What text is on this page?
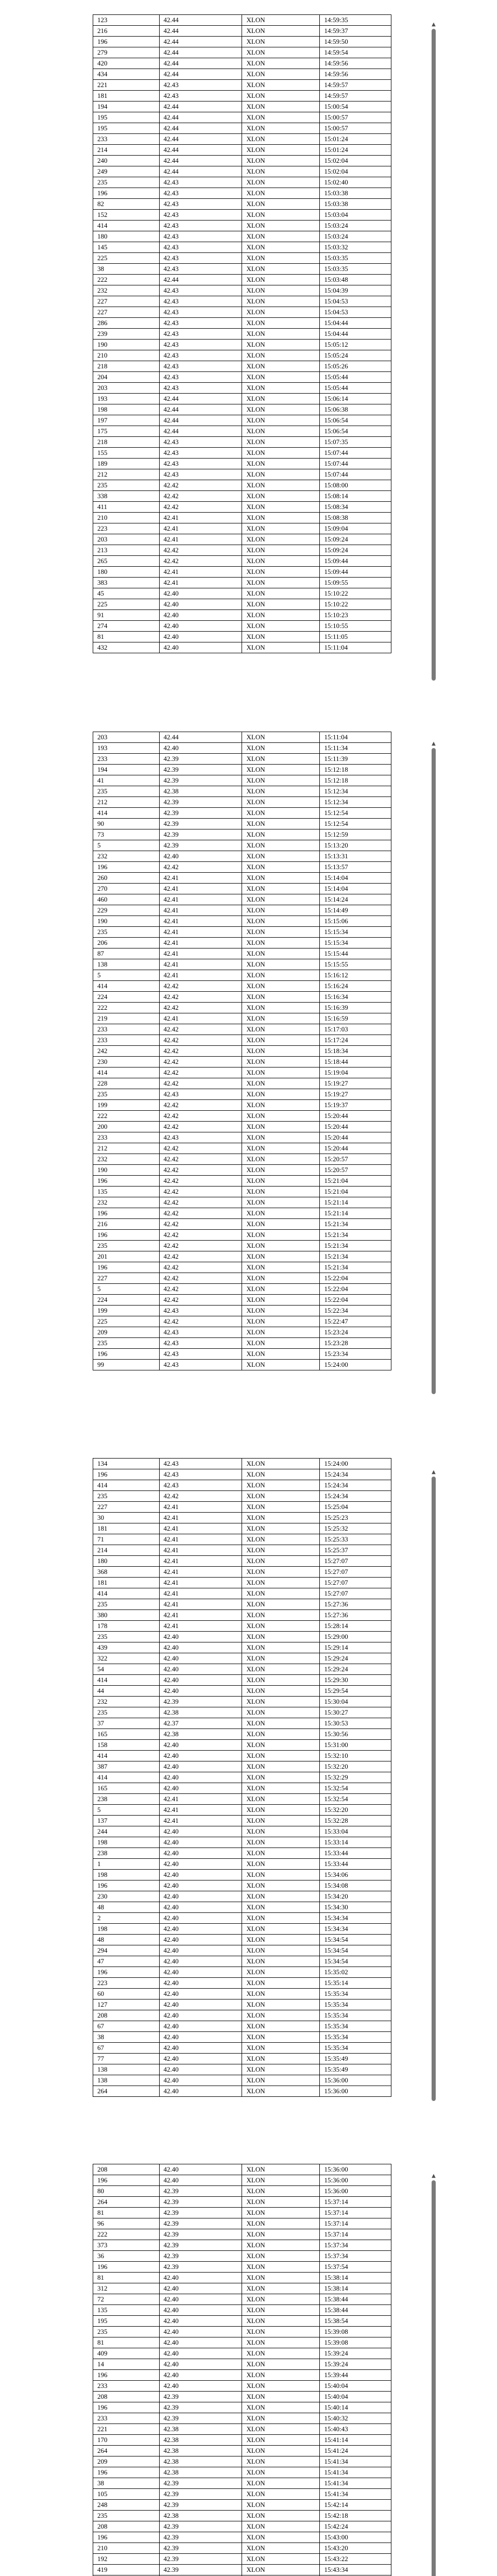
123	42.44	XLON	14:59:35
216	42.44	XLON	14:59:37
196	42.44	XLON	14:59:50
279	42.44	XLON	14:59:54
420	42.44	XLON	14:59:56
434	42.44	XLON	14:59:56
221	42.43	XLON	14:59:57
181	42.43	XLON	14:59:57
194	42.44	XLON	15:00:54
195	42.44	XLON	15:00:57
195	42.44	XLON	15:00:57
233	42.44	XLON	15:01:24
214	42.44	XLON	15:01:24
240	42.44	XLON	15:02:04
249	42.44	XLON	15:02:04
235	42.43	XLON	15:02:40
196	42.43	XLON	15:03:38
82	42.43	XLON	15:03:38
152	42.43	XLON	15:03:04
414	42.43	XLON	15:03:24
180	42.43	XLON	15:03:24
145	42.43	XLON	15:03:32
225	42.43	XLON	15:03:35
38	42.43	XLON	15:03:35
222	42.44	XLON	15:03:48
232	42.43	XLON	15:04:39
227	42.43	XLON	15:04:53
227	42.43	XLON	15:04:53
286	42.43	XLON	15:04:44
239	42.43	XLON	15:04:44
190	42.43	XLON	15:05:12
210	42.43	XLON	15:05:24
218	42.43	XLON	15:05:26
204	42.43	XLON	15:05:44
203	42.43	XLON	15:05:44
193	42.44	XLON	15:06:14
198	42.44	XLON	15:06:38
197	42.44	XLON	15:06:54
175	42.44	XLON	15:06:54
218	42.43	XLON	15:07:35
155	42.43	XLON	15:07:44
189	42.43	XLON	15:07:44
212	42.43	XLON	15:07:44
235	42.42	XLON	15:08:00
338	42.42	XLON	15:08:14
411	42.42	XLON	15:08:34
210	42.41	XLON	15:08:38
223	42.41	XLON	15:09:04
203	42.41	XLON	15:09:24
213	42.42	XLON	15:09:24
265	42.42	XLON	15:09:44
180	42.41	XLON	15:09:44
383	42.41	XLON	15:09:55
45	42.40	XLON	15:10:22
225	42.40	XLON	15:10:22
91	42.40	XLON	15:10:23
274	42.40	XLON	15:10:55
81	42.40	XLON	15:11:05
432	42.40	XLON	15:11:04
▲
203	42.44	XLON	15:11:04
193	42.40	XLON	15:11:34
233	42.39	XLON	15:11:39
194	42.39	XLON	15:12:18
41	42.39	XLON	15:12:18
235	42.38	XLON	15:12:34
212	42.39	XLON	15:12:34
414	42.39	XLON	15:12:54
90	42.39	XLON	15:12:54
73	42.39	XLON	15:12:59
5	42.39	XLON	15:13:20
232	42.40	XLON	15:13:31
196	42.42	XLON	15:13:57
260	42.41	XLON	15:14:04
270	42.41	XLON	15:14:04
460	42.41	XLON	15:14:24
229	42.41	XLON	15:14:49
190	42.41	XLON	15:15:06
235	42.41	XLON	15:15:34
206	42.41	XLON	15:15:34
87	42.41	XLON	15:15:44
138	42.41	XLON	15:15:55
5	42.41	XLON	15:16:12
414	42.42	XLON	15:16:24
224	42.42	XLON	15:16:34
222	42.42	XLON	15:16:39
219	42.41	XLON	15:16:59
233	42.42	XLON	15:17:03
233	42.42	XLON	15:17:24
242	42.42	XLON	15:18:34
230	42.42	XLON	15:18:44
414	42.42	XLON	15:19:04
228	42.42	XLON	15:19:27
235	42.43	XLON	15:19:27
199	42.42	XLON	15:19:37
222	42.42	XLON	15:20:44
200	42.42	XLON	15:20:44
233	42.43	XLON	15:20:44
212	42.42	XLON	15:20:44
232	42.42	XLON	15:20:57
190	42.42	XLON	15:20:57
196	42.42	XLON	15:21:04
135	42.42	XLON	15:21:04
232	42.42	XLON	15:21:14
196	42.42	XLON	15:21:14
216	42.42	XLON	15:21:34
196	42.42	XLON	15:21:34
235	42.42	XLON	15:21:34
201	42.42	XLON	15:21:34
196	42.42	XLON	15:21:34
227	42.42	XLON	15:22:04
5	42.42	XLON	15:22:04
224	42.42	XLON	15:22:04
199	42.43	XLON	15:22:34
225	42.42	XLON	15:22:47
209	42.43	XLON	15:23:24
235	42.43	XLON	15:23:28
196	42.43	XLON	15:23:34
99	42.43	XLON	15:24:00
▲
134	42.43	XLON	15:24:00
196	42.43	XLON	15:24:34
414	42.43	XLON	15:24:34
235	42.42	XLON	15:24:34
227	42.41	XLON	15:25:04
30	42.41	XLON	15:25:23
181	42.41	XLON	15:25:32
71	42.41	XLON	15:25:33
214	42.41	XLON	15:25:37
180	42.41	XLON	15:27:07
368	42.41	XLON	15:27:07
181	42.41	XLON	15:27:07
414	42.41	XLON	15:27:07
235	42.41	XLON	15:27:36
380	42.41	XLON	15:27:36
178	42.41	XLON	15:28:14
235	42.40	XLON	15:29:00
439	42.40	XLON	15:29:14
322	42.40	XLON	15:29:24
54	42.40	XLON	15:29:24
414	42.40	XLON	15:29:30
44	42.40	XLON	15:29:54
232	42.39	XLON	15:30:04
235	42.38	XLON	15:30:27
37	42.37	XLON	15:30:53
165	42.38	XLON	15:30:56
158	42.40	XLON	15:31:00
414	42.40	XLON	15:32:10
387	42.40	XLON	15:32:20
414	42.40	XLON	15:32:29
165	42.40	XLON	15:32:54
238	42.41	XLON	15:32:54
5	42.41	XLON	15:32:20
137	42.41	XLON	15:32:28
244	42.40	XLON	15:33:04
198	42.40	XLON	15:33:14
238	42.40	XLON	15:33:44
1	42.40	XLON	15:33:44
198	42.40	XLON	15:34:06
196	42.40	XLON	15:34:08
230	42.40	XLON	15:34:20
48	42.40	XLON	15:34:30
2	42.40	XLON	15:34:34
198	42.40	XLON	15:34:34
48	42.40	XLON	15:34:54
294	42.40	XLON	15:34:54
47	42.40	XLON	15:34:54
196	42.40	XLON	15:35:02
223	42.40	XLON	15:35:14
60	42.40	XLON	15:35:34
127	42.40	XLON	15:35:34
208	42.40	XLON	15:35:34
67	42.40	XLON	15:35:34
38	42.40	XLON	15:35:34
67	42.40	XLON	15:35:34
77	42.40	XLON	15:35:49
138	42.40	XLON	15:35:49
138	42.40	XLON	15:36:00
264	42.40	XLON	15:36:00
▲
208	42.40	XLON	15:36:00
196	42.40	XLON	15:36:00
80	42.39	XLON	15:36:00
264	42.39	XLON	15:37:14
81	42.39	XLON	15:37:14
96	42.39	XLON	15:37:14
222	42.39	XLON	15:37:14
373	42.39	XLON	15:37:34
36	42.39	XLON	15:37:34
196	42.39	XLON	15:37:54
81	42.40	XLON	15:38:14
312	42.40	XLON	15:38:14
72	42.40	XLON	15:38:44
135	42.40	XLON	15:38:44
195	42.40	XLON	15:38:54
235	42.40	XLON	15:39:08
81	42.40	XLON	15:39:08
409	42.40	XLON	15:39:24
14	42.40	XLON	15:39:24
196	42.40	XLON	15:39:44
233	42.40	XLON	15:40:04
208	42.39	XLON	15:40:04
196	42.39	XLON	15:40:14
233	42.39	XLON	15:40:32
221	42.38	XLON	15:40:43
170	42.38	XLON	15:41:14
264	42.38	XLON	15:41:24
209	42.38	XLON	15:41:34
196	42.38	XLON	15:41:34
38	42.39	XLON	15:41:34
105	42.39	XLON	15:41:34
248	42.39	XLON	15:42:14
235	42.38	XLON	15:42:18
208	42.39	XLON	15:42:24
196	42.39	XLON	15:43:00
210	42.39	XLON	15:43:20
192	42.39	XLON	15:43:22
419	42.39	XLON	15:43:34

▲
